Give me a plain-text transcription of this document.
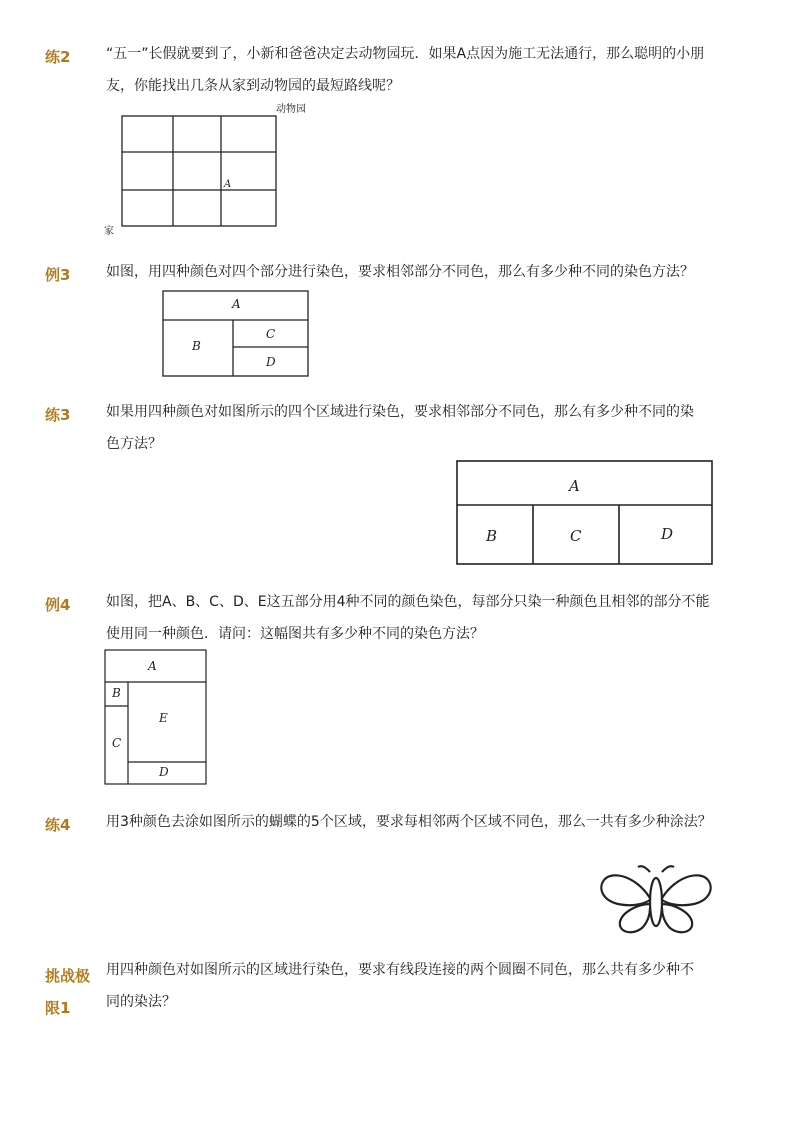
练2	“五一”长假就要到了，小新和爸爸决定去动物园玩．如果A点因为施工无法通行，那么聪明的小朋友，你能找出几条从家到动物园的最短路线呢？
动物园
家
A
例3	如图，用四种颜色对四个部分进行染色，要求相邻部分不同色，那么有多少种不同的染色方法？
A
B
C
D
练3	如果用四种颜色对如图所示的四个区域进行染色，要求相邻部分不同色，那么有多少种不同的染色方法？
A
B	C	D
例4	如图，把A、B、C、D、E这五部分用4种不同的颜色染色，每部分只染一种颜色且相邻的部分不能使用同一种颜色．请问：这幅图共有多少种不同的染色方法？
A
B
C
D
E
练4	用3种颜色去涂如图所示的蝴蝶的5个区域，要求每相邻两个区域不同色，那么一共有多少种涂法？
挑战极限1
用四种颜色对如图所示的区域进行染色，要求有线段连接的两个圆圈不同色，那么共有多少种不同的染法？
